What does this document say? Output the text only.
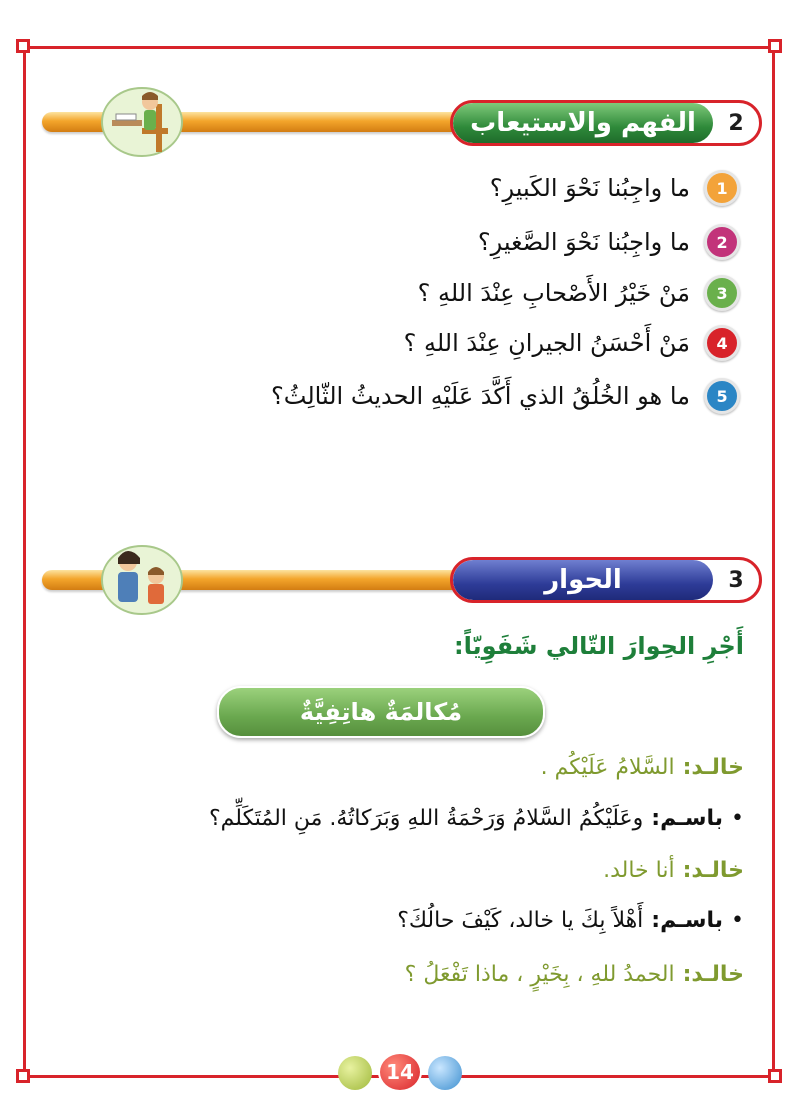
2
الفهم والاستيعاب
1
ما واجِبُنا نَحْوَ الكَبيرِ؟
2
ما واجِبُنا نَحْوَ الصَّغيرِ؟
3
مَنْ خَيْرُ الأَصْحابِ عِنْدَ اللهِ ؟
4
مَنْ أَحْسَنُ الجيرانِ عِنْدَ اللهِ ؟
5
ما هو الخُلُقُ الذي أَكَّدَ عَلَيْهِ الحديثُ الثّالِثُ؟
3
الحوار
أَجْرِ الحِوارَ التّالي شَفَوِيّاً:
مُكالمَةٌ هاتِفِيَّةٌ
خالـد:
السَّلامُ عَلَيْكُم .
•
باسـم:
وعَلَيْكُمُ السَّلامُ وَرَحْمَةُ اللهِ وَبَرَكاتُهُ. مَنِ المُتَكَلِّم؟
خالـد:
أنا خالد.
•
باسـم:
أَهْلاً بِكَ يا خالد، كَيْفَ حالُكَ؟
خالـد:
الحمدُ للهِ ، بِخَيْرٍ ، ماذا تَفْعَلُ ؟
14
